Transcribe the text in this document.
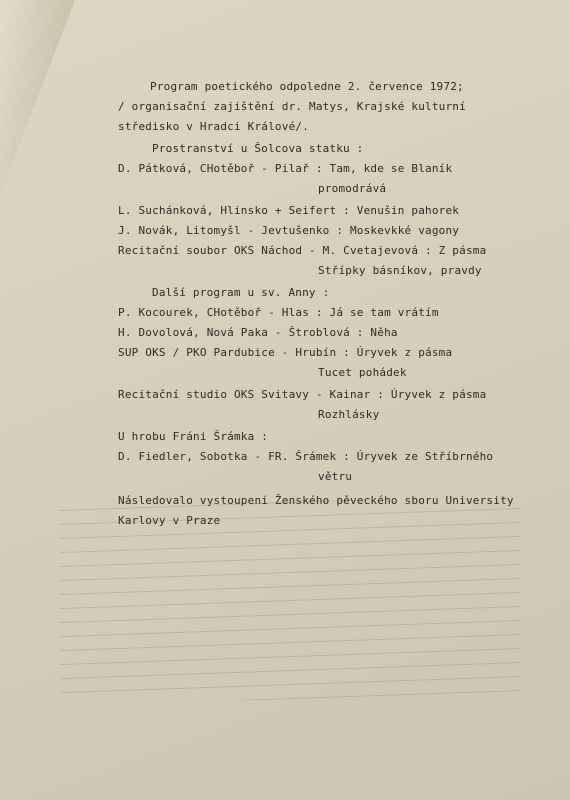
Program poetického odpoledne 2. července 1972;

/ organisační zajištění dr. Matys, Krajské kulturní

středisko v Hradci Králové/.

Prostranství u Šolcova statku :

D. Pátková, CHotěboř - Pilař : Tam, kde se Blaník

promodrává

L. Suchánková, Hlinsko + Seifert : Venušin pahorek

J. Novák, Litomyšl - Jevtušenko : Moskevkké vagony

Recitační soubor OKS Náchod - M. Cvetajevová : Z pásma

Střípky básníkov, pravdy

Další program u sv. Anny :

P. Kocourek, CHotěboř - Hlas : Já se tam vrátím

H. Dovolová, Nová Paka - Štroblová : Něha

SUP OKS / PKO Pardubice - Hrubín : Úryvek z pásma

Tucet pohádek

Recitační studio OKS Svitavy - Kainar : Úryvek z pásma

Rozhlásky

U hrobu Fráni Šrámka :

D. Fiedler, Sobotka - FR. Šrámek : Úryvek ze Stříbrného

větru

Následovalo vystoupení Ženského pěveckého sboru University

Karlovy v Praze
